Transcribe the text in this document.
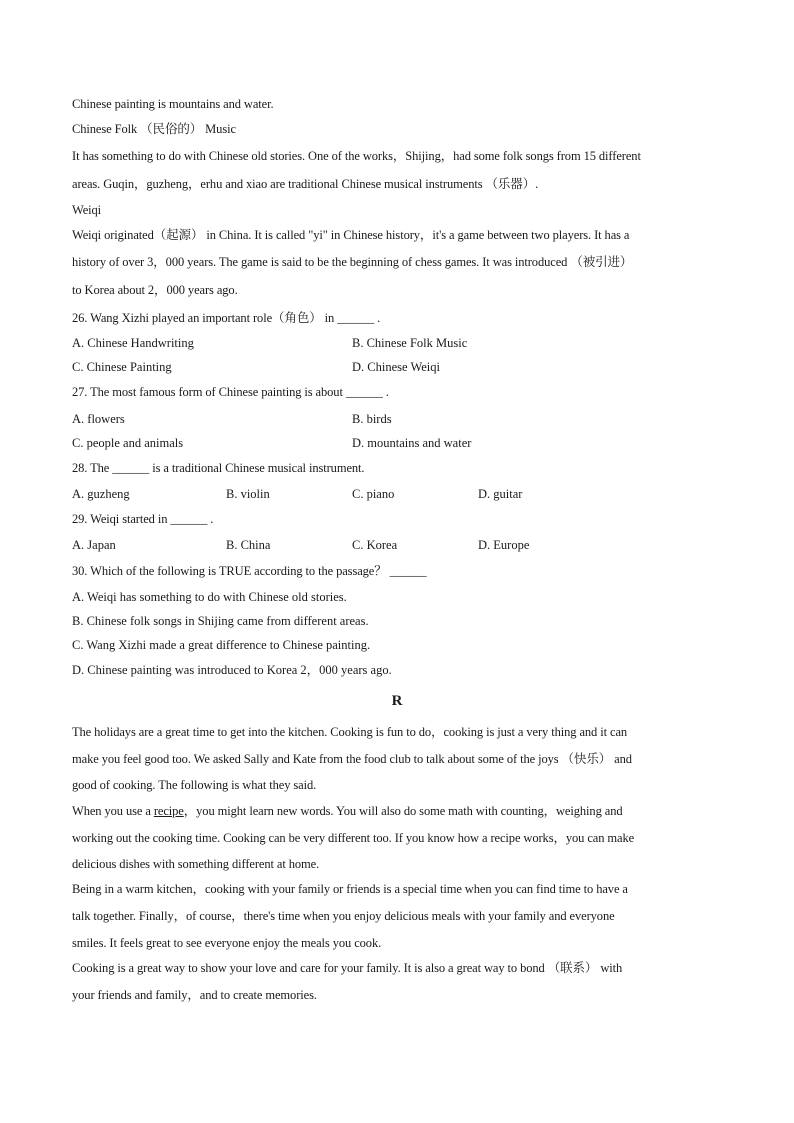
Chinese painting is mountains and water.
Chinese Folk （民俗的） Music
It has something to do with Chinese old stories. One of the works，Shijing，had some folk songs from 15 different
areas. Guqin，guzheng，erhu and xiao are traditional Chinese musical instruments （乐器）.
Weiqi
Weiqi originated（起源） in China. It is called "yi" in Chinese history，it's a game between two players. It has a
history of over 3，000 years. The game is said to be the beginning of chess games. It was introduced （被引进）
to Korea about 2，000 years ago.
26. Wang Xizhi played an important role（角色） in ______ .
A. Chinese Handwriting	B. Chinese Folk Music
C. Chinese Painting	D. Chinese Weiqi
27. The most famous form of Chinese painting is about ______ .
A. flowers	B. birds
C. people and animals	D. mountains and water
28. The ______ is a traditional Chinese musical instrument.
A. guzheng	B. violin	C. piano	D. guitar
29. Weiqi started in ______ .
A. Japan	B. China	C. Korea	D. Europe
30. Which of the following is TRUE according to the passage？ ______
A. Weiqi has something to do with Chinese old stories.
B. Chinese folk songs in Shijing came from different areas.
C. Wang Xizhi made a great difference to Chinese painting.
D. Chinese painting was introduced to Korea 2，000 years ago.
R
The holidays are a great time to get into the kitchen. Cooking is fun to do，cooking is just a very thing and it can
make you feel good too. We asked Sally and Kate from the food club to talk about some of the joys （快乐） and
good of cooking. The following is what they said.
When you use a recipe，you might learn new words. You will also do some math with counting，weighing and
working out the cooking time. Cooking can be very different too. If you know how a recipe works，you can make
delicious dishes with something different at home.
Being in a warm kitchen，cooking with your family or friends is a special time when you can find time to have a
talk together. Finally，of course，there's time when you enjoy delicious meals with your family and everyone
smiles. It feels great to see everyone enjoy the meals you cook.
Cooking is a great way to show your love and care for your family. It is also a great way to bond （联系） with
your friends and family，and to create memories.
